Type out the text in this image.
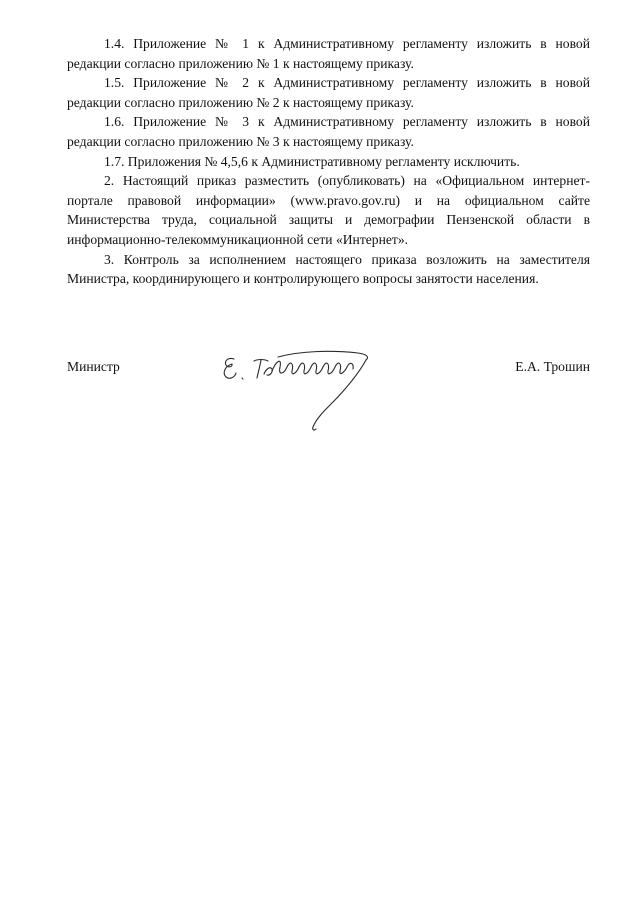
1.4. Приложение № 1 к Административному регламенту изложить в новой редакции согласно приложению № 1 к настоящему приказу.

1.5. Приложение № 2 к Административному регламенту изложить в новой редакции согласно приложению № 2 к настоящему приказу.

1.6. Приложение № 3 к Административному регламенту изложить в новой редакции согласно приложению № 3 к настоящему приказу.

1.7. Приложения № 4,5,6 к Административному регламенту исключить.

2. Настоящий приказ разместить (опубликовать) на «Официальном интернет-портале правовой информации» (www.pravo.gov.ru) и на официальном сайте Министерства труда, социальной защиты и демографии Пензенской области в информационно-телекоммуникационной сети «Интернет».

3. Контроль за исполнением настоящего приказа возложить на заместителя Министра, координирующего и контролирующего вопросы занятости населения.

Министр	Е.А. Трошин
